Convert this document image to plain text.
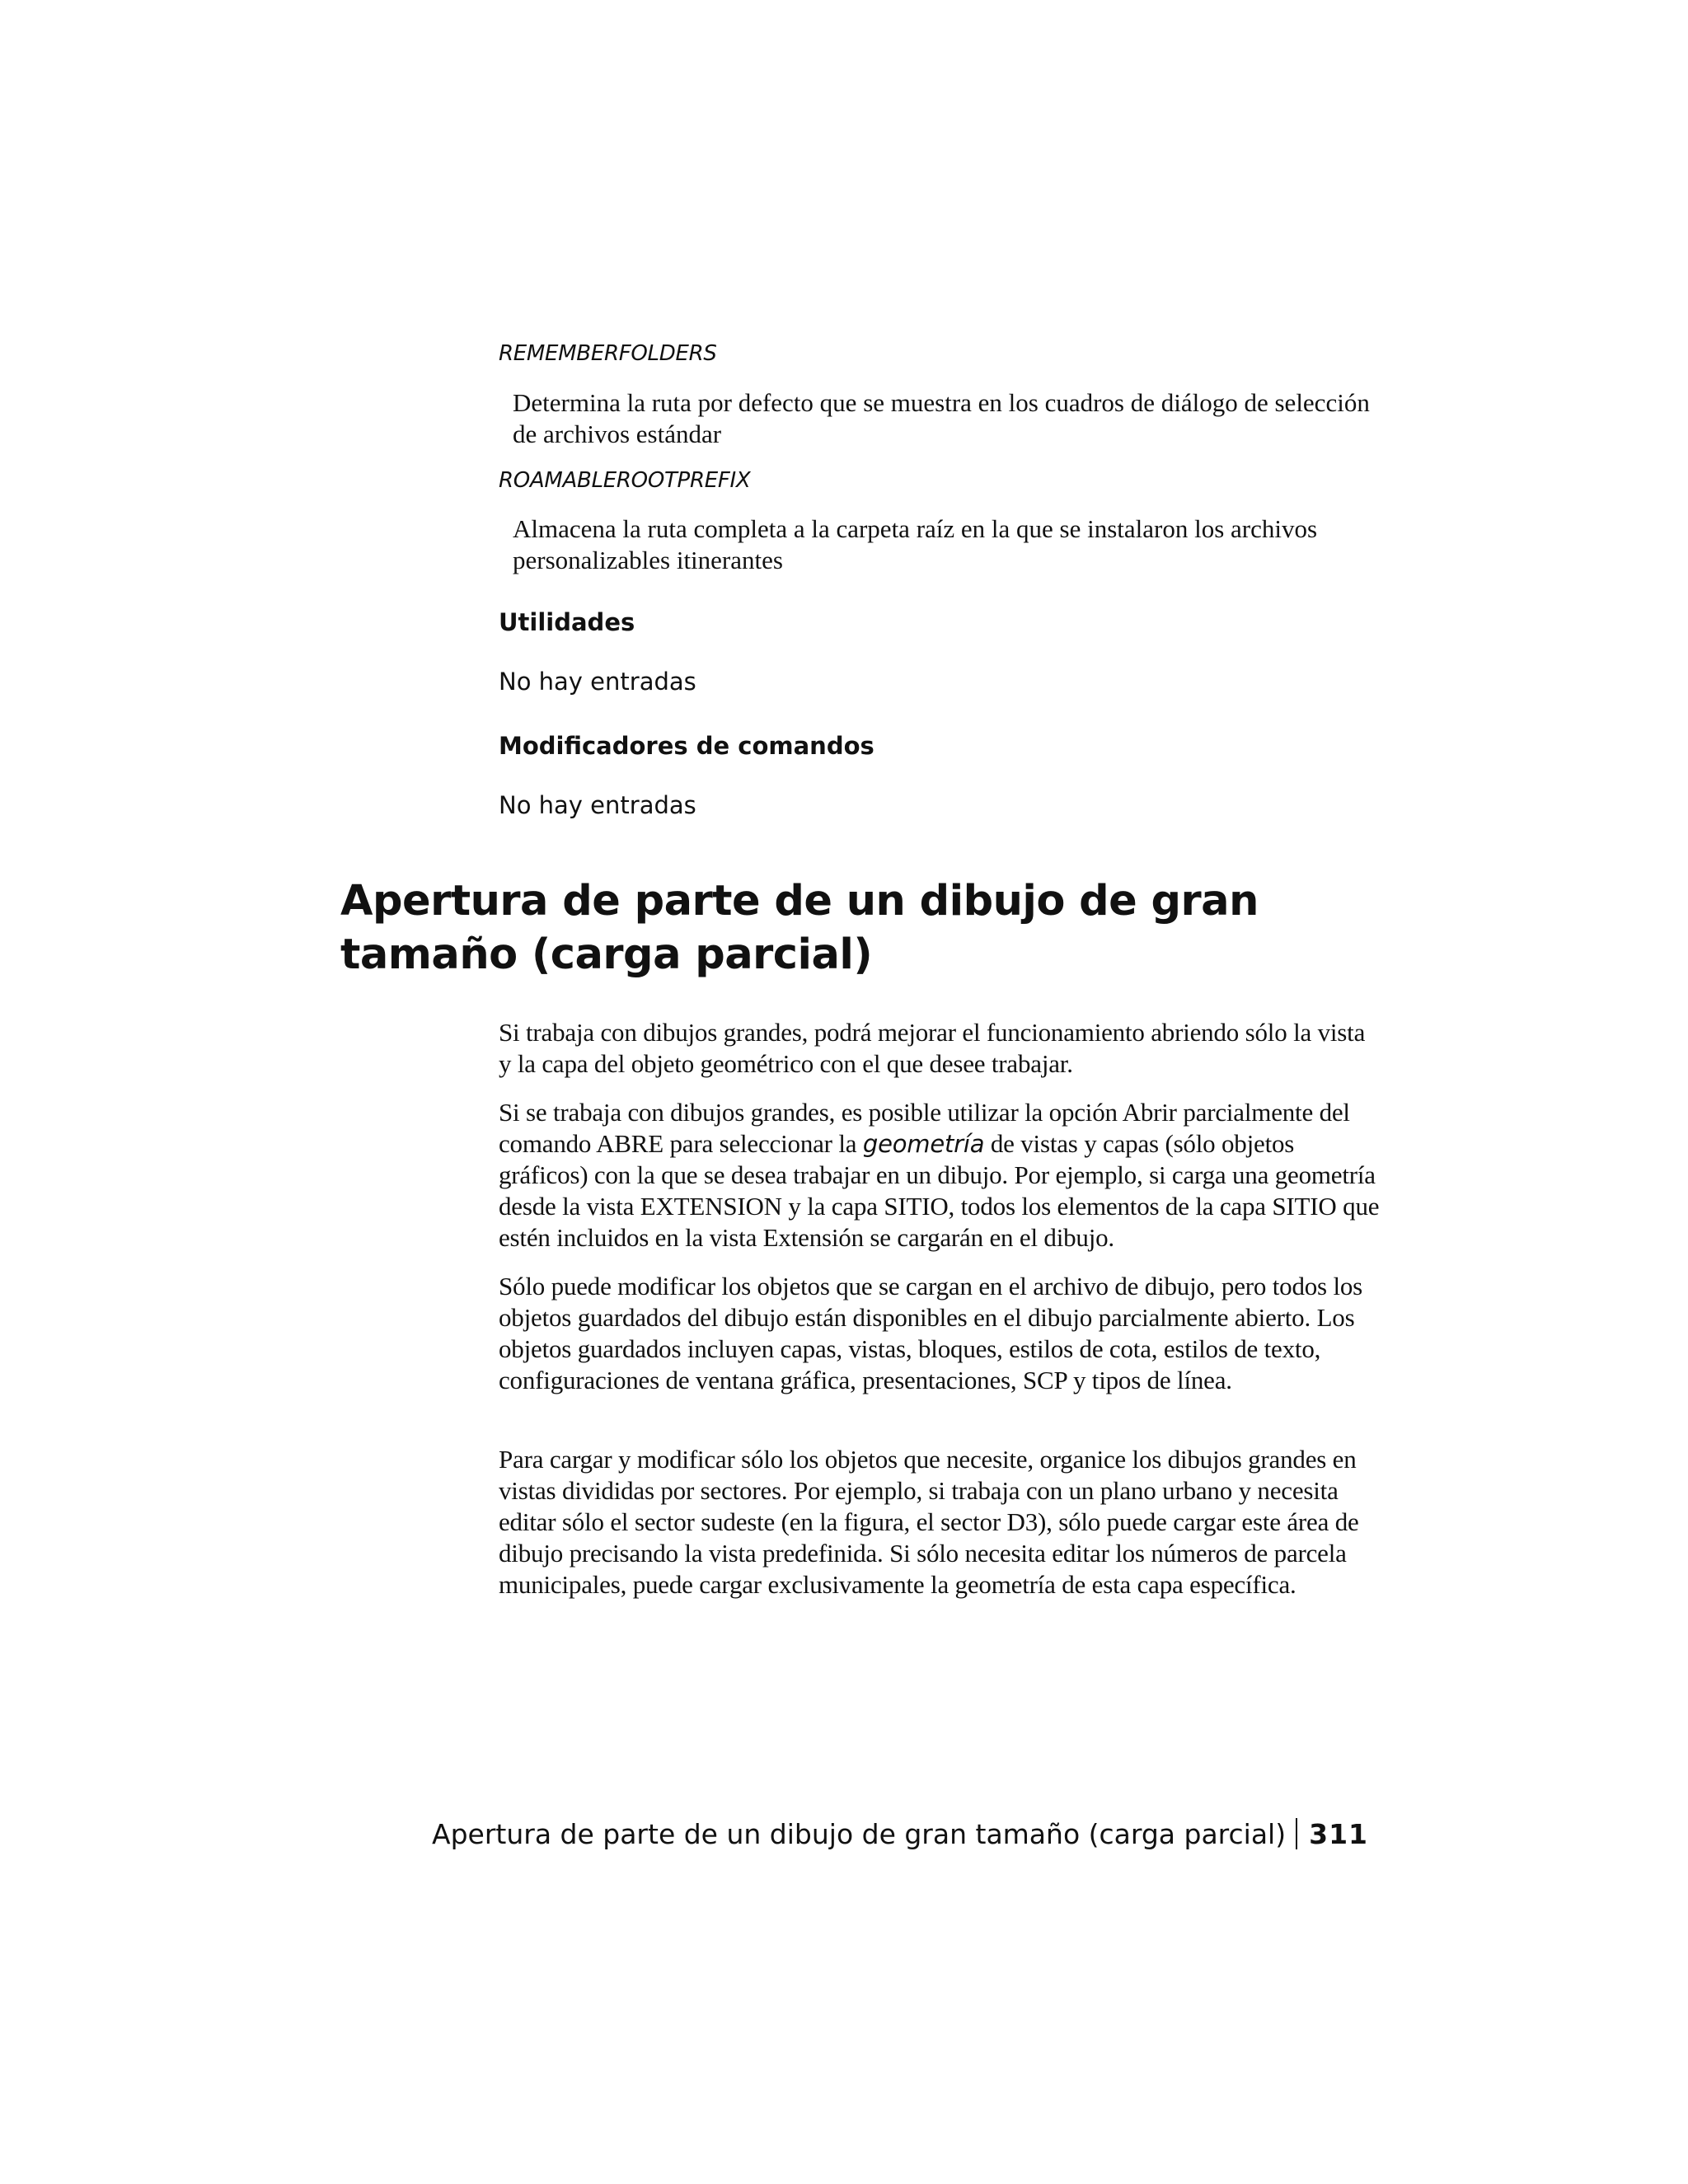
REMEMBERFOLDERS

Determina la ruta por defecto que se muestra en los cuadros de diálogo de selección de archivos estándar

ROAMABLEROOTPREFIX

Almacena la ruta completa a la carpeta raíz en la que se instalaron los archivos personalizables itinerantes

Utilidades

No hay entradas

Modificadores de comandos

No hay entradas

Apertura de parte de un dibujo de gran tamaño (carga parcial)

Si trabaja con dibujos grandes, podrá mejorar el funcionamiento abriendo sólo la vista y la capa del objeto geométrico con el que desee trabajar.

Si se trabaja con dibujos grandes, es posible utilizar la opción Abrir parcialmente del comando ABRE para seleccionar la geometría de vistas y capas (sólo objetos gráficos) con la que se desea trabajar en un dibujo. Por ejemplo, si carga una geometría desde la vista EXTENSION y la capa SITIO, todos los elementos de la capa SITIO que estén incluidos en la vista Extensión se cargarán en el dibujo.

Sólo puede modificar los objetos que se cargan en el archivo de dibujo, pero todos los objetos guardados del dibujo están disponibles en el dibujo parcialmente abierto. Los objetos guardados incluyen capas, vistas, bloques, estilos de cota, estilos de texto, configuraciones de ventana gráfica, presentaciones, SCP y tipos de línea.

Para cargar y modificar sólo los objetos que necesite, organice los dibujos grandes en vistas divididas por sectores. Por ejemplo, si trabaja con un plano urbano y necesita editar sólo el sector sudeste (en la figura, el sector D3), sólo puede cargar este área de dibujo precisando la vista predefinida. Si sólo necesita editar los números de parcela municipales, puede cargar exclusivamente la geometría de esta capa específica.

Apertura de parte de un dibujo de gran tamaño (carga parcial) 311
